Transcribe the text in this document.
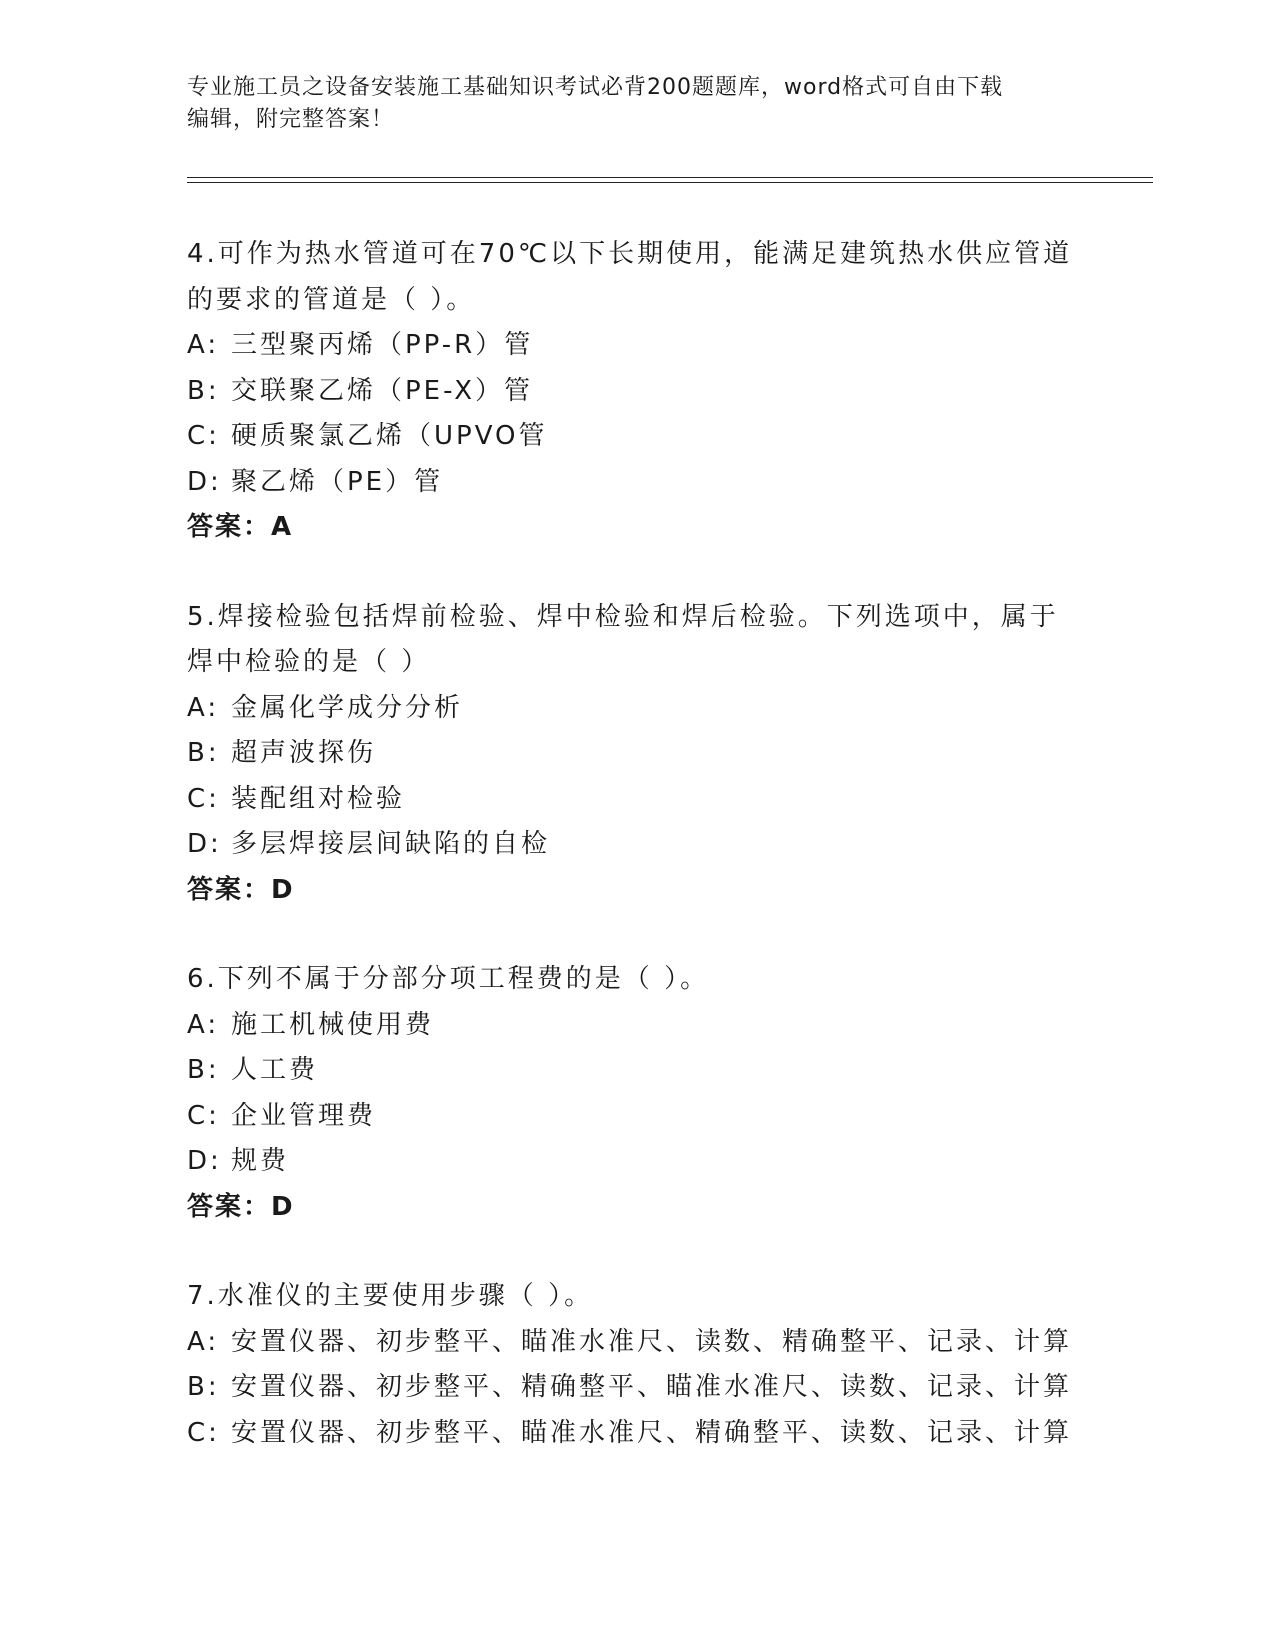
专业施工员之设备安装施工基础知识考试必背200题题库，word格式可自由下载
编辑，附完整答案！
4.可作为热水管道可在70℃以下长期使用，能满足建筑热水供应管道
的要求的管道是（ ）。
A: 三型聚丙烯（PP-R）管
B: 交联聚乙烯（PE-X）管
C: 硬质聚氯乙烯（UPVO管
D: 聚乙烯（PE）管
答案：A
5.焊接检验包括焊前检验、焊中检验和焊后检验。下列选项中，属于
焊中检验的是（ ）
A: 金属化学成分分析
B: 超声波探伤
C: 装配组对检验
D: 多层焊接层间缺陷的自检
答案：D
6.下列不属于分部分项工程费的是（ ）。
A: 施工机械使用费
B: 人工费
C: 企业管理费
D: 规费
答案：D
7.水准仪的主要使用步骤（ ）。
A: 安置仪器、初步整平、瞄准水准尺、读数、精确整平、记录、计算
B: 安置仪器、初步整平、精确整平、瞄准水准尺、读数、记录、计算
C: 安置仪器、初步整平、瞄准水准尺、精确整平、读数、记录、计算
